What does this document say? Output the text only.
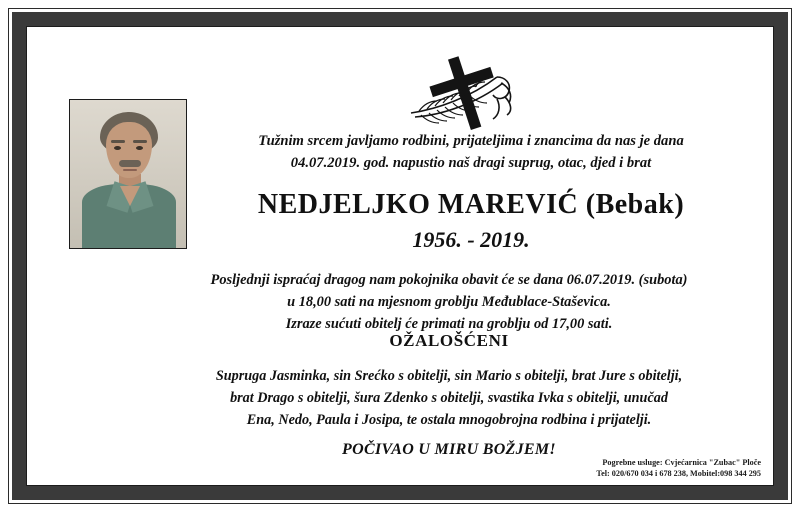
Tužnim srcem javljamo rodbini, prijateljima i znancima da nas je dana
04.07.2019. god. napustio naš dragi suprug, otac, djed i brat
NEDJELJKO MAREVIĆ (Bebak)
1956. - 2019.
Posljednji ispraćaj dragog nam pokojnika obavit će se dana 06.07.2019. (subota)
u 18,00 sati na mjesnom groblju Međublace-Staševica.
Izraze sućuti obitelj će primati na groblju od 17,00 sati.
OŽALOŠĆENI
Supruga Jasminka, sin Srećko s obitelji, sin Mario s obitelji, brat Jure s obitelji,
brat Drago s obitelji, šura Zdenko s obitelji, svastika Ivka s obitelji, unučad
Ena, Nedo, Paula i Josipa, te ostala mnogobrojna rodbina i prijatelji.
POČIVAO U MIRU BOŽJEM!
Pogrebne usluge: Cvjećarnica "Zubac" Ploče
Tel: 020/670 034 i 678 238, Mobitel:098 344 295
